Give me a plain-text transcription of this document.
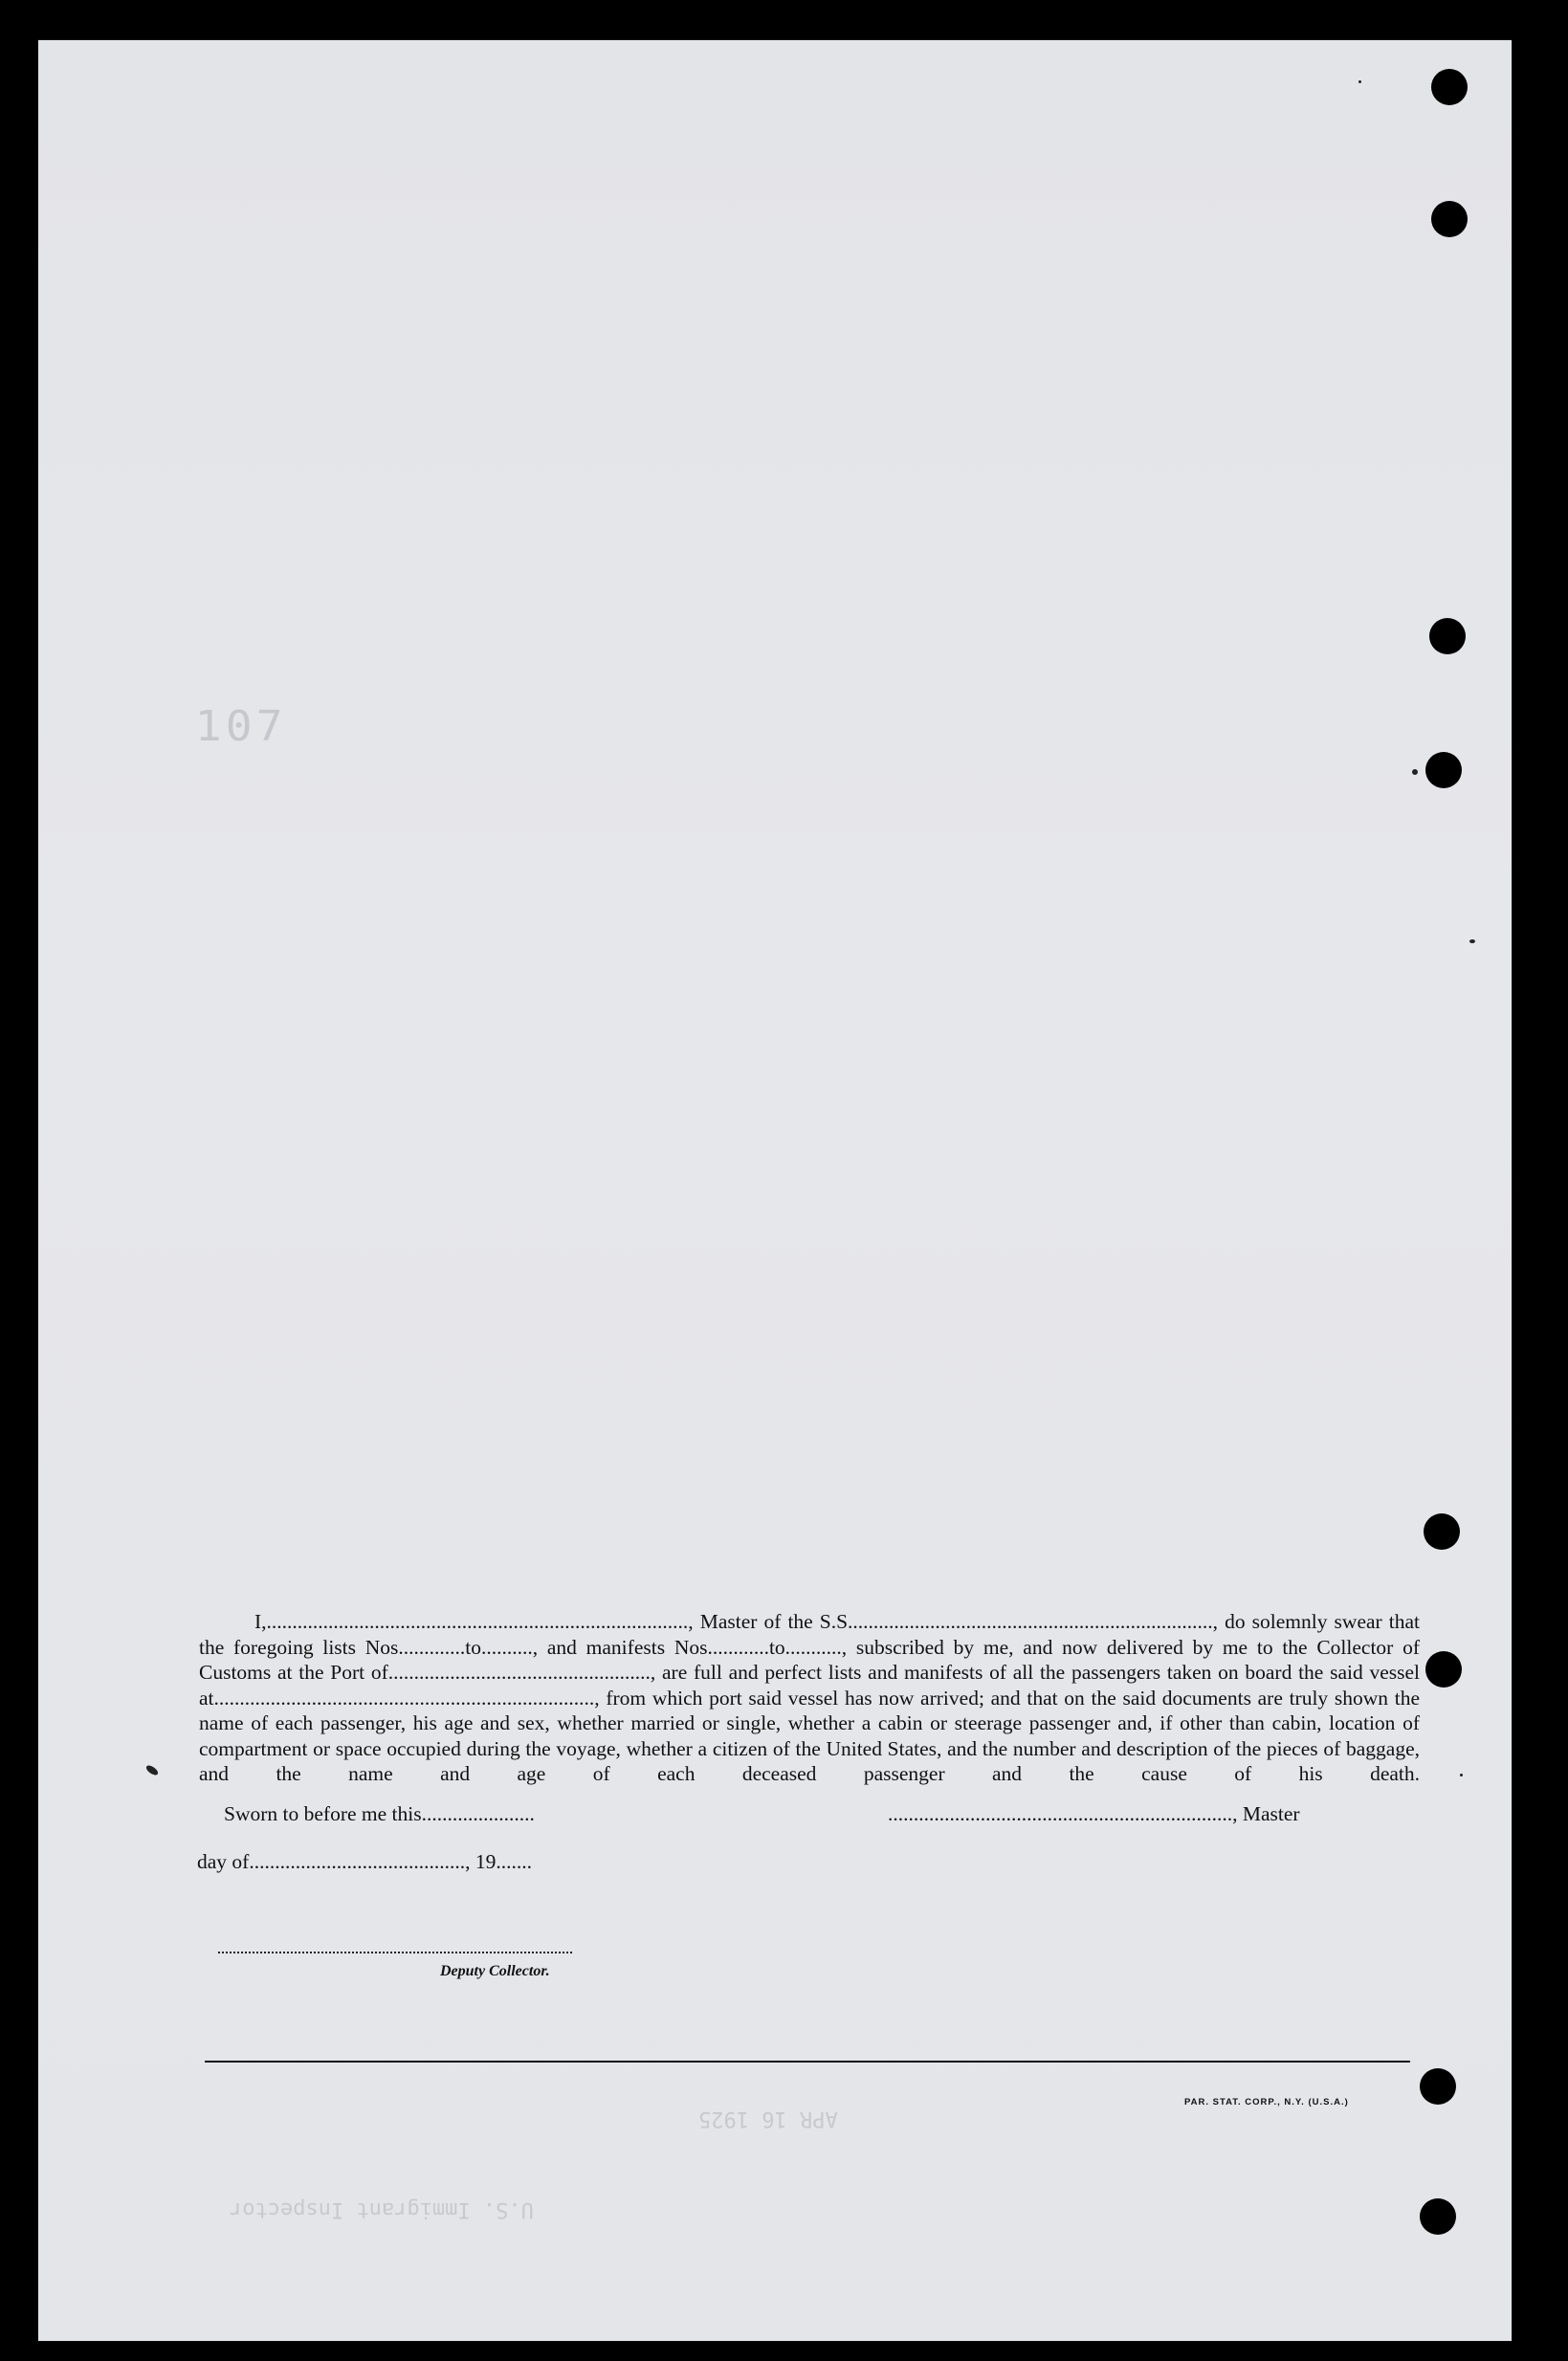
107

I,.................................................................................., Master of the S.S......................................................................., do solemnly swear that the foregoing lists Nos.............to.........., and manifests Nos............to..........., subscribed by me, and now delivered by me to the Collector of Customs at the Port of..................................................., are full and perfect lists and manifests of all the passengers taken on board the said vessel at.........................................................................., from which port said vessel has now arrived; and that on the said documents are truly shown the name of each passenger, his age and sex, whether married or single, whether a cabin or steerage passenger and, if other than cabin, location of compartment or space occupied during the voyage, whether a citizen of the United States, and the number and description of the pieces of baggage, and the name and age of each deceased passenger and the cause of his death.

Sworn to before me this......................	..................................................................., Master
day of.........................................., 19.......
Deputy Collector.
PAR. STAT. CORP., N.Y. (U.S.A.)
APR 16 1925
U.S. Immigrant Inspector
